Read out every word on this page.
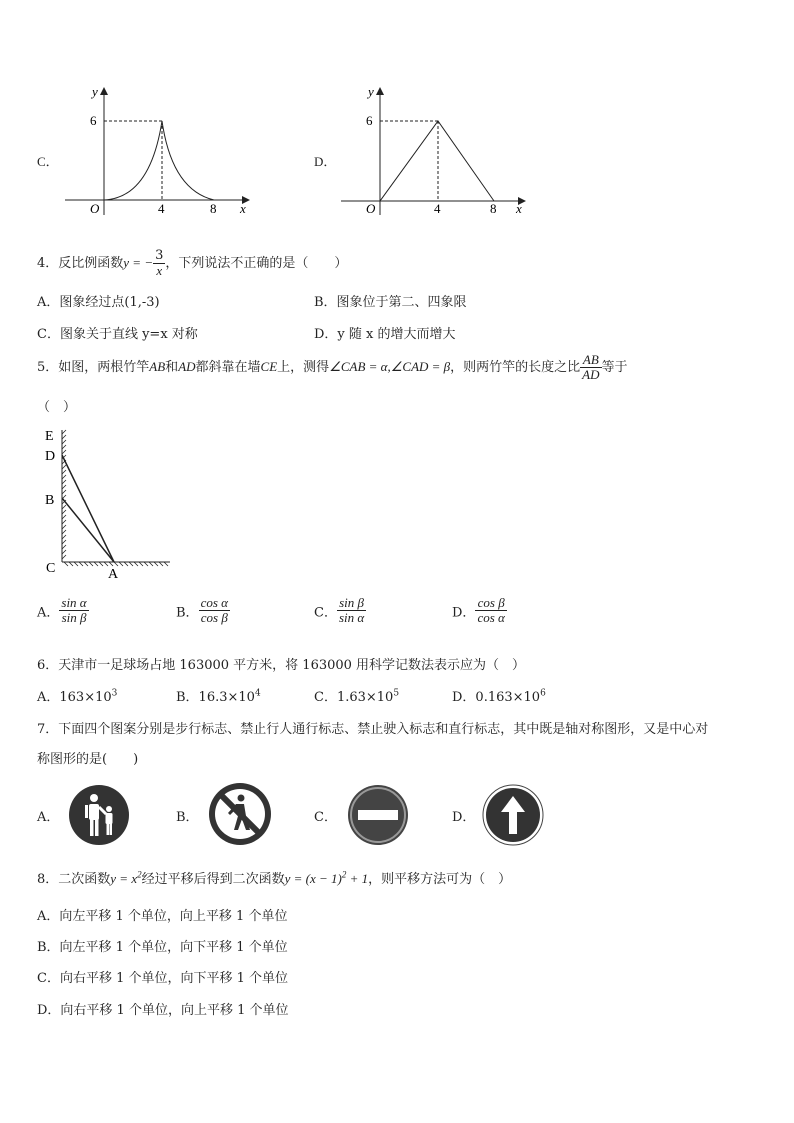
C．
y
6
O	4	8 x
D．
y
6
O	4	8 x
4．反比例函数y = − $\frac{3}{x}$ ，下列说法不正确的是（　　）
A．图象经过点(1,-3)	B．图象位于第二、四象限
C．图象关于直线 y=x 对称	D．y 随 x 的增大而增大
5．如图，两根竹竿AB和AD都斜靠在墙CE上，测得∠CAB = α,∠CAD = β，则两竹竿的长度之比 $\frac{AB}{AD}$ 等于
（　）
E
D
B
C	A
A． $\frac{\text{sin α}}{\text{sin β}}$	B． $\frac{\text{cos α}}{\text{cos β}}$	C． $\frac{\text{sin β}}{\text{sin α}}$	D． $\frac{\text{cos β}}{\text{cos α}}$
6．天津市一足球场占地 163000 平方米，将 163000 用科学记数法表示应为（　）
A．$163\times 10^3$	B．$16.3\times 10^4$	C．$1.63\times 10^5$	D．$0.163\times 10^6$
7．下面四个图案分别是步行标志、禁止行人通行标志、禁止驶入标志和直行标志，其中既是轴对称图形，又是中心对
称图形的是(　　)
A．	B．	C．	D．
8．二次函数$y = x^2$经过平移后得到二次函数$y = (x - 1)^2 + 1$，则平移方法可为（　）
A．向左平移 1 个单位，向上平移 1 个单位
B．向左平移 1 个单位，向下平移 1 个单位
C．向右平移 1 个单位，向下平移 1 个单位
D．向右平移 1 个单位，向上平移 1 个单位
